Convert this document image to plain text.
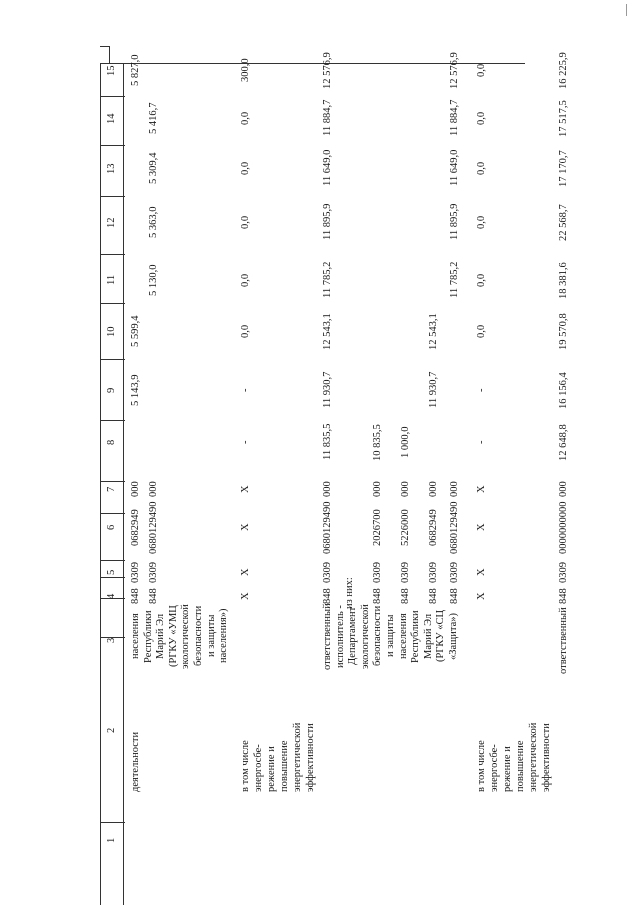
1
2
3
4
5
6
7
8
9
10
11
12
13
14
15
деятельности
населения Республики Марий Эл (РГКУ «УМЦ экологической безопасности и защиты населения»)
848
0309
0682949
000
5 143,9
5 599,4
5 827,0
848
0309
0680129490
000
5 130,0
5 363,0
5 309,4
5 416,7
в том числе энергосбе- режение и повышение энергетической эффективности
X
X
X
X
-
-
0,0
0,0
0,0
0,0
0,0
300,0
ответственный исполнитель - Департамент экологической безопасности и защиты населения Республики Марий Эл (РГКУ «СЦ «Защита»)
848
0309
0680129490
000
11 835,5
11 930,7
12 543,1
11 785,2
11 895,9
11 649,0
11 884,7
12 576,9
из них: 848
0309
2026700
000
10 835,5
848
0309
5226000
000
1 000,0
848
0309
0682949
000
11 930,7
12 543,1
848
0309
0680129490
000
11 785,2
11 895,9
11 649,0
11 884,7
12 576,9
в том числе энергосбе- режение и повышение энергетической эффективности
X
X
X
X
-
-
0,0
0,0
0,0
0,0
0,0
0,0
ответственный
848
0309
0000000000
000
12 648,8
16 156,4
19 570,8
18 381,6
22 568,7
17 170,7
17 517,5
16 225,9
